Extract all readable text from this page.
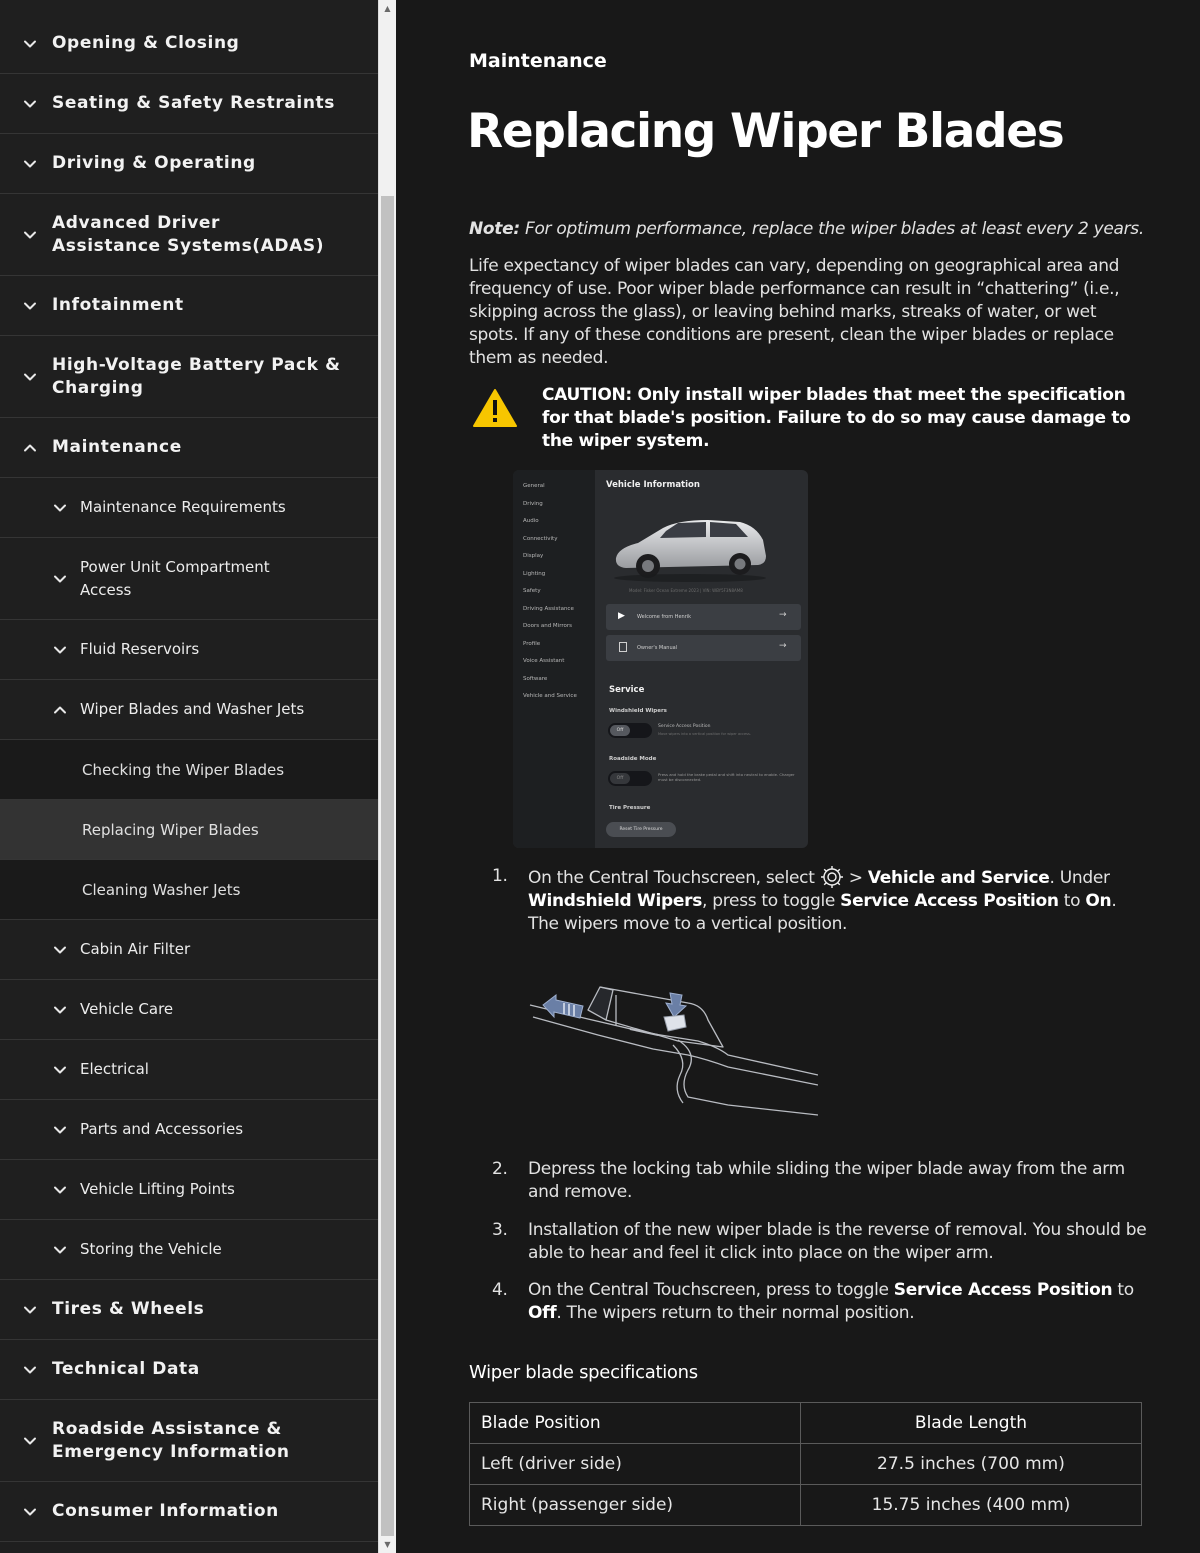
Opening & Closing
Seating & Safety Restraints
Driving & Operating
Advanced Driver
Assistance Systems(ADAS)
Infotainment
High-Voltage Battery Pack &
Charging
Maintenance
Maintenance Requirements
Power Unit Compartment
Access
Fluid Reservoirs
Wiper Blades and Washer Jets
Checking the Wiper Blades
Replacing Wiper Blades
Cleaning Washer Jets
Cabin Air Filter
Vehicle Care
Electrical
Parts and Accessories
Vehicle Lifting Points
Storing the Vehicle
Tires & Wheels
Technical Data
Roadside Assistance &
Emergency Information
Consumer Information
▲
▼
Maintenance
Replacing Wiper Blades

Note: For optimum performance, replace the wiper blades at least every 2 years.

Life expectancy of wiper blades can vary, depending on geographical area and frequency of use. Poor wiper blade performance can result in “chattering” (i.e., skipping across the glass), or leaving behind marks, streaks of water, or wet spots. If any of these conditions are present, clean the wiper blades or replace them as needed.

CAUTION: Only install wiper blades that meet the specification for that blade's position. Failure to do so may cause damage to the wiper system.
General
Driving
Audio
Connectivity
Display
Lighting
Safety
Driving Assistance
Doors and Mirrors
Profile
Voice Assistant
Software
Vehicle and Service
Vehicle Information
Model: Fisker Ocean Extreme 2023 | VIN: WBY5F3N8AM8
▶ Welcome from Henrik	→
Owner's Manual	→
Service
Windshield Wipers
Off
Service Access Position
Move wipers into a vertical position for wiper access.
Roadside Mode
Off
Press and hold the brake pedal and shift into neutral to enable. Charger must be disconnected.
Tire Pressure
Reset Tire Pressure
1. On the Central Touchscreen, select  > Vehicle and Service. Under Windshield Wipers, press to toggle Service Access Position to On. The wipers move to a vertical position.
2. Depress the locking tab while sliding the wiper blade away from the arm and remove.
3. Installation of the new wiper blade is the reverse of removal. You should be able to hear and feel it click into place on the wiper arm.
4. On the Central Touchscreen, press to toggle Service Access Position to Off. The wipers return to their normal position.
Wiper blade specifications
Blade Position	Blade Length
Left (driver side)	27.5 inches (700 mm)
Right (passenger side)	15.75 inches (400 mm)
